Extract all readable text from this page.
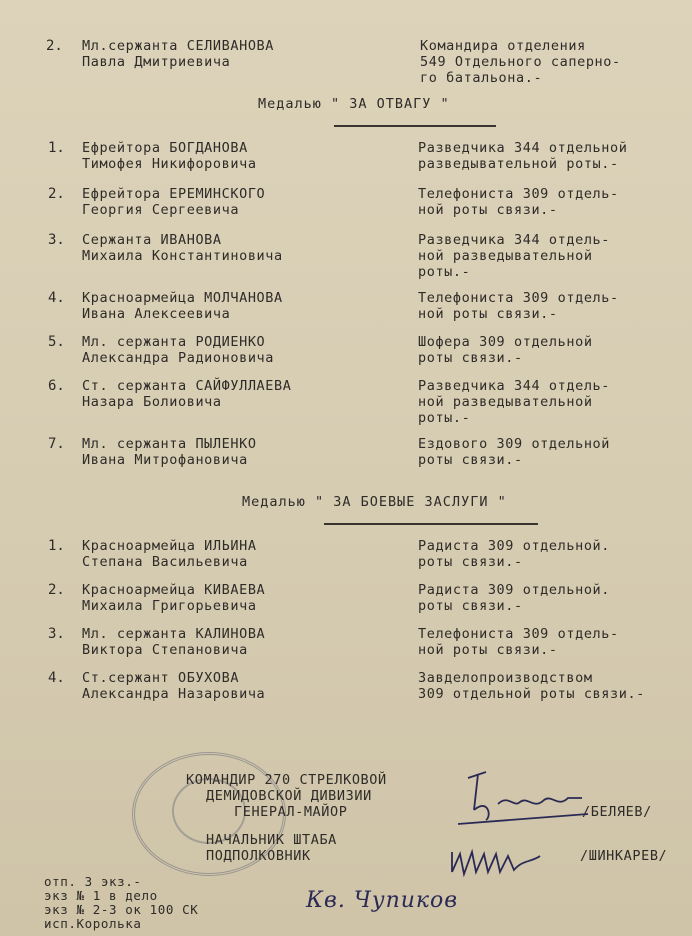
2. Мл.сержанта СЕЛИВАНОВА
Павла Дмитриевича
Командира отделения
549 Отдельного саперно-
го батальона.-
Медалью " ЗА ОТВАГУ "
1. Ефрейтора БОГДАНОВА
Тимофея Никифоровича
Разведчика 344 отдельной
разведывательной роты.-
2. Ефрейтора ЕРЕМИНСКОГО
Георгия Сергеевича
Телефониста 309 отдель-
ной роты связи.-
3. Сержанта ИВАНОВА
Михаила Константиновича
Разведчика 344 отдель-
ной разведывательной
роты.-
4. Красноармейца МОЛЧАНОВА
Ивана Алексеевича
Телефониста 309 отдель-
ной роты связи.-
5. Мл. сержанта РОДИЕНКО
Александра Радионовича
Шофера 309 отдельной
роты связи.-
6. Ст. сержанта САЙФУЛЛАЕВА
Назара Болиовича
Разведчика 344 отдель-
ной разведывательной
роты.-
7. Мл. сержанта ПЫЛЕНКО
Ивана Митрофановича
Ездового 309 отдельной
роты связи.-
Медалью " ЗА БОЕВЫЕ ЗАСЛУГИ "
1. Красноармейца ИЛЬИНА
Степана Васильевича
Радиста 309 отдельной.
роты связи.-
2. Красноармейца КИВАЕВА
Михаила Григорьевича
Радиста 309 отдельной.
роты связи.-
3. Мл. сержанта КАЛИНОВА
Виктора Степановича
Телефониста 309 отдель-
ной роты связи.-
4. Ст.сержант ОБУХОВА
Александра Назаровича
Завделопроизводством
309 отдельной роты связи.-
КОМАНДИР 270 СТРЕЛКОВОЙ
ДЕМИДОВСКОЙ ДИВИЗИИ
ГЕНЕРАЛ-МАЙОР	/БЕЛЯЕВ/
НАЧАЛЬНИК ШТАБА
ПОДПОЛКОВНИК	/ШИНКАРЕВ/
Кв. Чупиков
отп. 3 экз.-
экз № 1 в дело
экз № 2-3 ок 100 СК
исп.Королька
